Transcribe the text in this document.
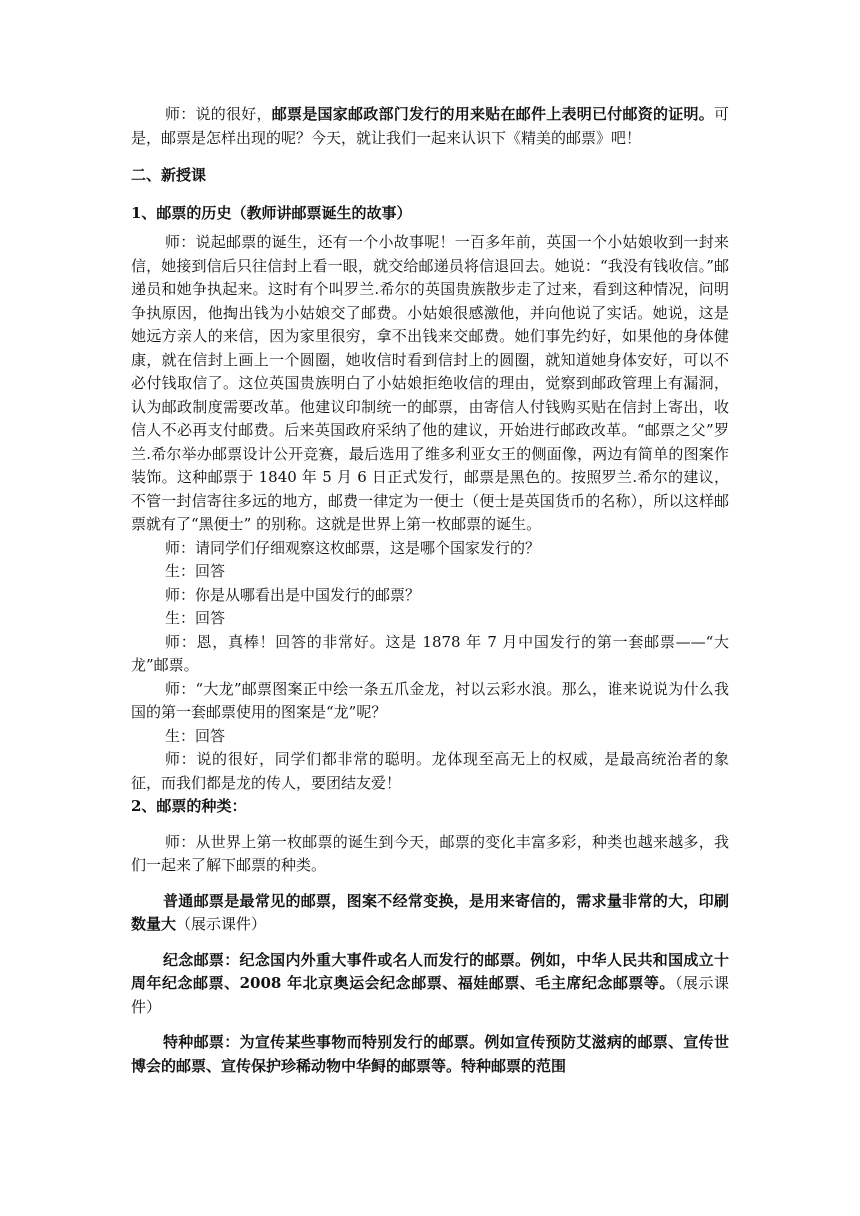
师：说的很好，邮票是国家邮政部门发行的用来贴在邮件上表明已付邮资的证明。可是，邮票是怎样出现的呢？今天，就让我们一起来认识下《精美的邮票》吧！

二、新授课

1、邮票的历史（教师讲邮票诞生的故事）

师：说起邮票的诞生，还有一个小故事呢！一百多年前，英国一个小姑娘收到一封来信，她接到信后只往信封上看一眼，就交给邮递员将信退回去。她说：“我没有钱收信。”邮递员和她争执起来。这时有个叫罗兰.希尔的英国贵族散步走了过来，看到这种情况，问明争执原因，他掏出钱为小姑娘交了邮费。小姑娘很感激他，并向他说了实话。她说，这是她远方亲人的来信，因为家里很穷，拿不出钱来交邮费。她们事先约好，如果他的身体健康，就在信封上画上一个圆圈，她收信时看到信封上的圆圈，就知道她身体安好，可以不必付钱取信了。这位英国贵族明白了小姑娘拒绝收信的理由，觉察到邮政管理上有漏洞，认为邮政制度需要改革。他建议印制统一的邮票，由寄信人付钱购买贴在信封上寄出，收信人不必再支付邮费。后来英国政府采纳了他的建议，开始进行邮政改革。“邮票之父”罗兰.希尔举办邮票设计公开竞赛，最后选用了维多利亚女王的侧面像，两边有简单的图案作装饰。这种邮票于 1840 年 5 月 6 日正式发行，邮票是黑色的。按照罗兰.希尔的建议，不管一封信寄往多远的地方，邮费一律定为一便士（便士是英国货币的名称），所以这样邮票就有了“黑便士” 的别称。这就是世界上第一枚邮票的诞生。

师：请同学们仔细观察这枚邮票，这是哪个国家发行的？

生：回答

师：你是从哪看出是中国发行的邮票？

生：回答

师：恩，真棒！回答的非常好。这是 1878 年 7 月中国发行的第一套邮票——“大龙”邮票。

师：“大龙”邮票图案正中绘一条五爪金龙，衬以云彩水浪。那么，谁来说说为什么我国的第一套邮票使用的图案是“龙”呢？

生：回答

师：说的很好，同学们都非常的聪明。龙体现至高无上的权威，是最高统治者的象征，而我们都是龙的传人，要团结友爱！

2、邮票的种类：

师：从世界上第一枚邮票的诞生到今天，邮票的变化丰富多彩，种类也越来越多，我们一起来了解下邮票的种类。

普通邮票是最常见的邮票，图案不经常变换，是用来寄信的，需求量非常的大，印刷数量大（展示课件）

纪念邮票：纪念国内外重大事件或名人而发行的邮票。例如，中华人民共和国成立十周年纪念邮票、2008 年北京奥运会纪念邮票、福娃邮票、毛主席纪念邮票等。（展示课件）

特种邮票：为宣传某些事物而特别发行的邮票。例如宣传预防艾滋病的邮票、宣传世博会的邮票、宣传保护珍稀动物中华鲟的邮票等。特种邮票的范围
